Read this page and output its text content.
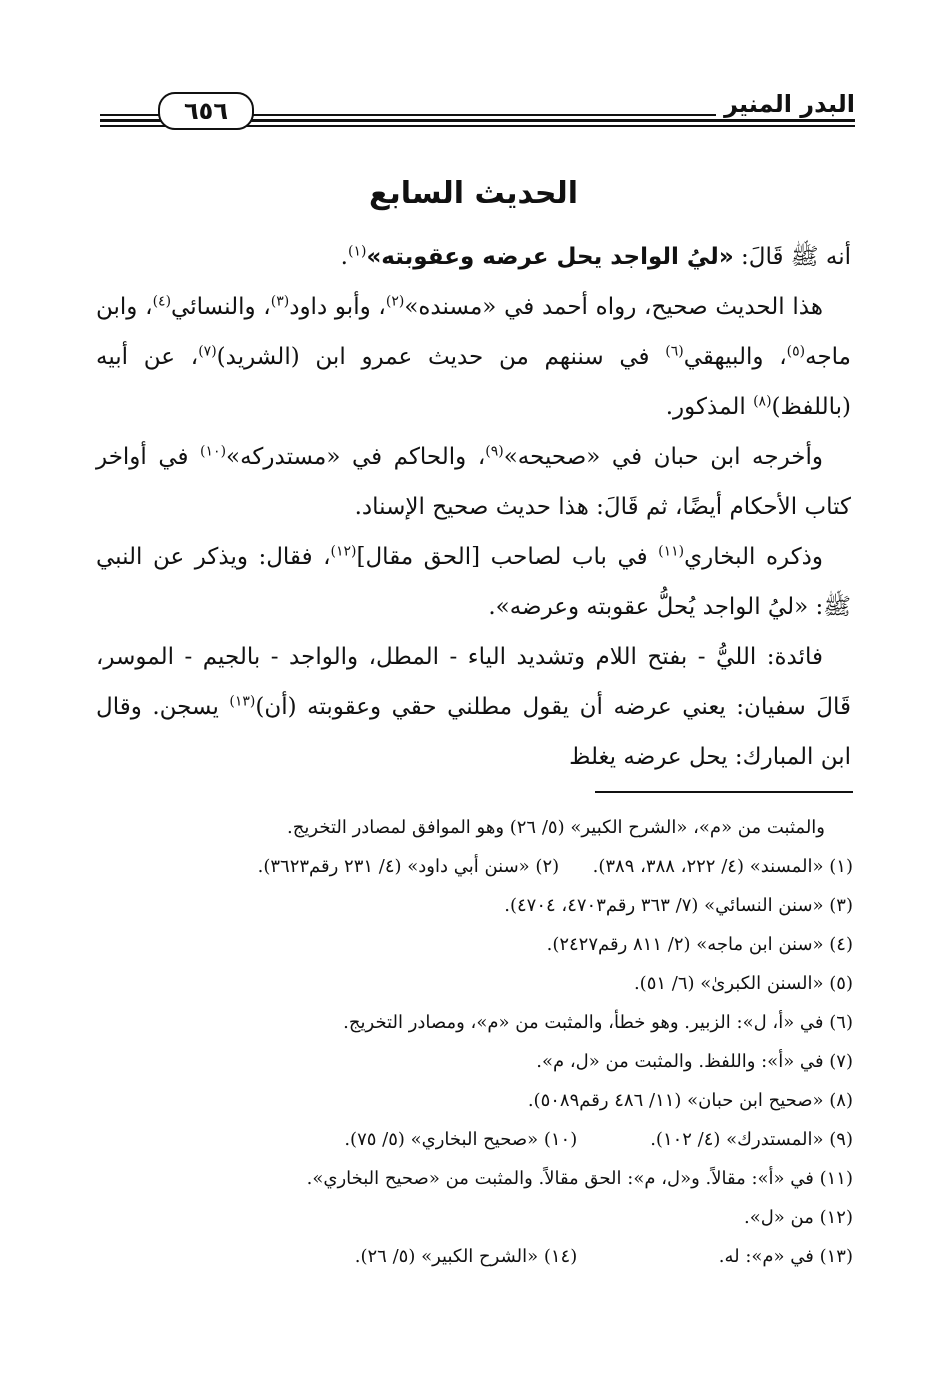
البدر المنير
٦٥٦
الحديث السابع

أنه ﷺ قَالَ: «ليُ الواجد يحل عرضه وعقوبته»$^{(١)}$.

هذا الحديث صحيح، رواه أحمد في «مسنده»$^{(٢)}$، وأبو داود$^{(٣)}$، والنسائي$^{(٤)}$، وابن ماجه$^{(٥)}$، والبيهقي$^{(٦)}$ في سننهم من حديث عمرو ابن (الشريد)$^{(٧)}$، عن أبيه (باللفظ)$^{(٨)}$ المذكور.

وأخرجه ابن حبان في «صحيحه»$^{(٩)}$، والحاكم في «مستدركه»$^{(١٠)}$ في أواخر كتاب الأحكام أيضًا، ثم قَالَ: هذا حديث صحيح الإسناد.

وذكره البخاري$^{(١١)}$ في باب لصاحب [الحق مقال]$^{(١٢)}$، فقال: ويذكر عن النبي ﷺ: «ليُ الواجد يُحلُّ عقوبته وعرضه».

فائدة: الليُّ - بفتح اللام وتشديد الياء - المطل، والواجد - بالجيم - الموسر، قَالَ سفيان: يعني عرضه أن يقول مطلني حقي وعقوبته (أن)$^{(١٣)}$ يسجن. وقال ابن المبارك: يحل عرضه يغلظ

والمثبت من «م»، «الشرح الكبير» (٥/ ٢٦) وهو الموافق لمصادر التخريج.
(١) «المسند» (٤/ ٢٢٢، ٣٨٨، ٣٨٩).  (٢) «سنن أبي داود» (٤/ ٢٣١ رقم٣٦٢٣).
(٣) «سنن النسائي» (٧/ ٣٦٣ رقم٤٧٠٣، ٤٧٠٤).
(٤) «سنن ابن ماجه» (٢/ ٨١١ رقم٢٤٢٧).
(٥) «السنن الكبرىٰ» (٦/ ٥١).
(٦) في «أ، ل»: الزبير. وهو خطأ، والمثبت من «م»، ومصادر التخريج.
(٧) في «أ»: واللفظ. والمثبت من «ل، م».
(٨) «صحيح ابن حبان» (١١/ ٤٨٦ رقم٥٠٨٩).
(٩) «المستدرك» (٤/ ١٠٢). (١٠) «صحيح البخاري» (٥/ ٧٥).
(١١) في «أ»: مقالاً. و«ل، م»: الحق مقالاً. والمثبت من «صحيح البخاري».
(١٢) من «ل».
(١٣) في «م»: له. (١٤) «الشرح الكبير» (٥/ ٢٦).
